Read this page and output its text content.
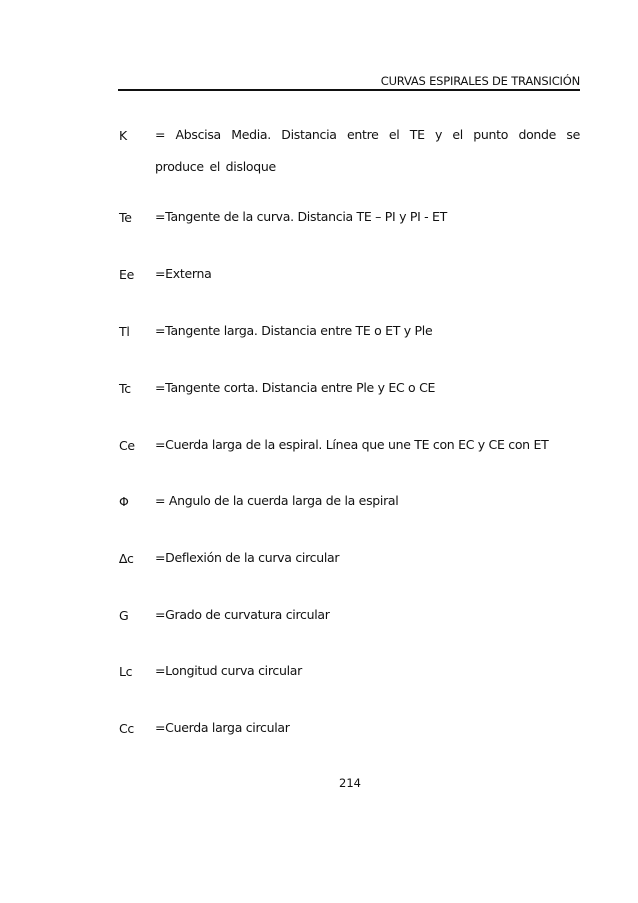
CURVAS ESPIRALES DE TRANSICIÓN
K = Abscisa Media. Distancia entre el TE y el punto donde se produce el disloque
Te =Tangente de la curva. Distancia TE – PI y PI - ET
Ee =Externa
Tl =Tangente larga. Distancia entre TE o ET y Ple
Tc =Tangente corta. Distancia entre Ple y EC o CE
Ce =Cuerda larga de la espiral. Línea que une TE con EC y CE con ET
Φ = Angulo de la cuerda larga de la espiral
∆c =Deflexión de la curva circular
G =Grado de curvatura circular
Lc =Longitud curva circular
Cc =Cuerda larga circular
214
